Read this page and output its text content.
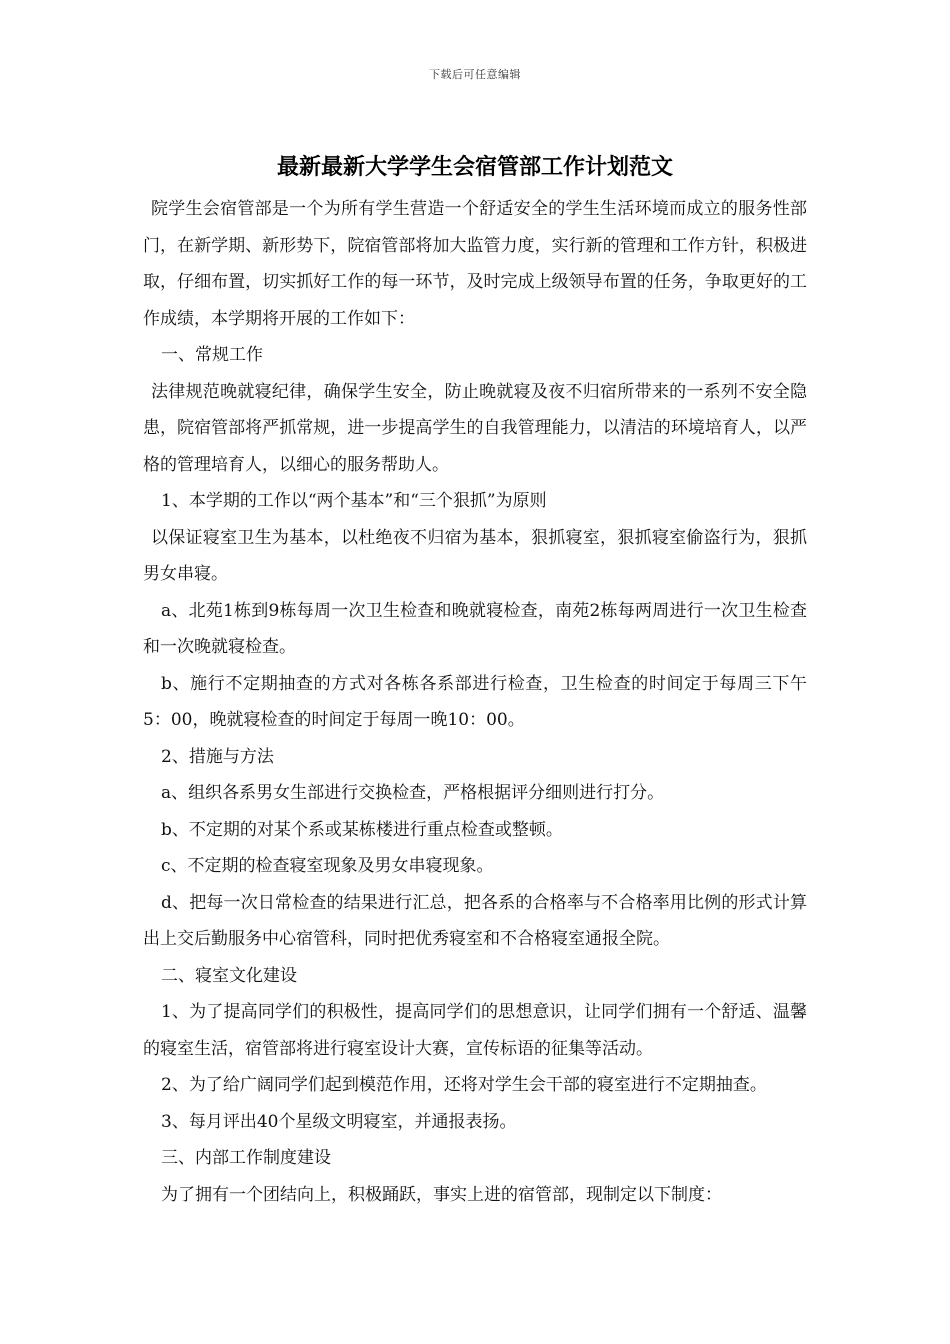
下载后可任意编辑
最新最新大学学生会宿管部工作计划范文

院学生会宿管部是一个为所有学生营造一个舒适安全的学生生活环境而成立的服务性部门，在新学期、新形势下，院宿管部将加大监管力度，实行新的管理和工作方针，积极进取，仔细布置，切实抓好工作的每一环节，及时完成上级领导布置的任务，争取更好的工作成绩，本学期将开展的工作如下：

一、常规工作

法律规范晚就寝纪律，确保学生安全，防止晚就寝及夜不归宿所带来的一系列不安全隐患，院宿管部将严抓常规，进一步提高学生的自我管理能力，以清洁的环境培育人，以严格的管理培育人，以细心的服务帮助人。

1、本学期的工作以“两个基本”和“三个狠抓”为原则

以保证寝室卫生为基本，以杜绝夜不归宿为基本，狠抓寝室，狠抓寝室偷盗行为，狠抓男女串寝。

a、北苑1栋到9栋每周一次卫生检查和晚就寝检查，南苑2栋每两周进行一次卫生检查和一次晚就寝检查。

b、施行不定期抽查的方式对各栋各系部进行检查，卫生检查的时间定于每周三下午5：00，晚就寝检查的时间定于每周一晚10：00。

2、措施与方法

a、组织各系男女生部进行交换检查，严格根据评分细则进行打分。

b、不定期的对某个系或某栋楼进行重点检查或整顿。

c、不定期的检查寝室现象及男女串寝现象。

d、把每一次日常检查的结果进行汇总，把各系的合格率与不合格率用比例的形式计算出上交后勤服务中心宿管科，同时把优秀寝室和不合格寝室通报全院。

二、寝室文化建设

1、为了提高同学们的积极性，提高同学们的思想意识，让同学们拥有一个舒适、温馨的寝室生活，宿管部将进行寝室设计大赛，宣传标语的征集等活动。

2、为了给广阔同学们起到模范作用，还将对学生会干部的寝室进行不定期抽查。

3、每月评出40个星级文明寝室，并通报表扬。

三、内部工作制度建设

为了拥有一个团结向上，积极踊跃，事实上进的宿管部，现制定以下制度：
